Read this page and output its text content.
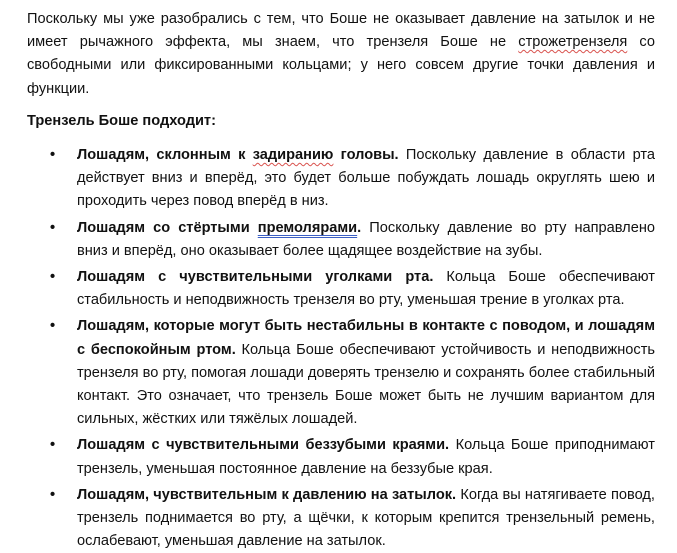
Поскольку мы уже разобрались с тем, что Боше не оказывает давление на затылок и не имеет рычажного эффекта, мы знаем, что трензеля Боше не строжетрензеля со свободными или фиксированными кольцами; у него совсем другие точки давления и функции.

Трензель Боше подходит:

•	Лошадям, склонным к задиранию головы. Поскольку давление в области рта действует вниз и вперёд, это будет больше побуждать лошадь округлять шею и проходить через повод вперёд в низ.
•	Лошадям со стёртыми премолярами. Поскольку давление во рту направлено вниз и вперёд, оно оказывает более щадящее воздействие на зубы.
•	Лошадям с чувствительными уголками рта. Кольца Боше обеспечивают стабильность и неподвижность трензеля во рту, уменьшая трение в уголках рта.
•	Лошадям, которые могут быть нестабильны в контакте с поводом, и лошадям с беспокойным ртом. Кольца Боше обеспечивают устойчивость и неподвижность трензеля во рту, помогая лошади доверять трензелю и сохранять более стабильный контакт. Это означает, что трензель Боше может быть не лучшим вариантом для сильных, жёстких или тяжёлых лошадей.
•	Лошадям с чувствительными беззубыми краями. Кольца Боше приподнимают трензель, уменьшая постоянное давление на беззубые края.
•	Лошадям, чувствительным к давлению на затылок. Когда вы натягиваете повод, трензель поднимается во рту, а щёчки, к которым крепится трензельный ремень, ослабевают, уменьшая давление на затылок.
